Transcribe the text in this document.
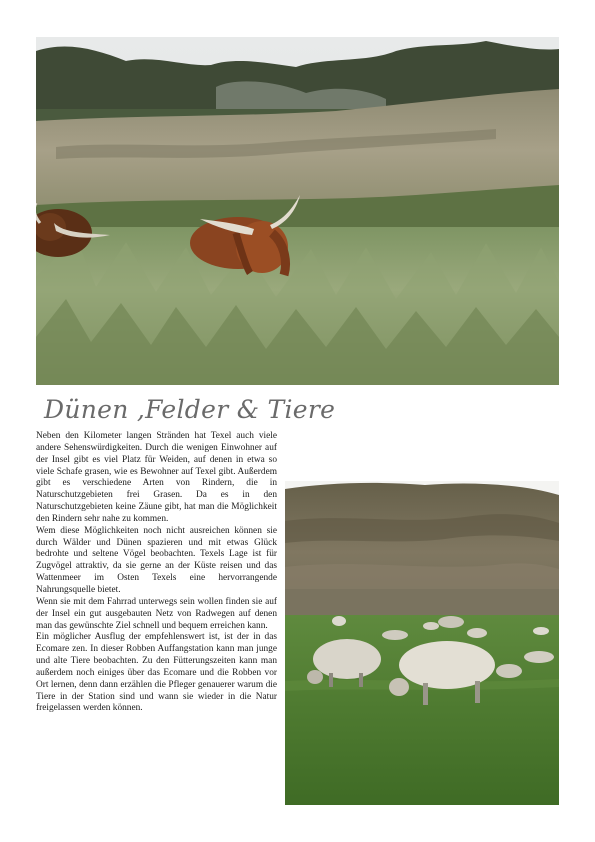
Dünen ,Felder & Tiere

Neben den Kilometer langen Stränden hat Texel auch viele andere Sehenswürdigkeiten. Durch die wenigen Einwohner auf der Insel gibt es viel Platz für Weiden, auf denen in etwa so viele Schafe grasen, wie es Bewohner auf Texel gibt. Außerdem gibt es verschiedene Arten von Rindern, die in Naturschutzgebieten frei Grasen. Da es in den Naturschutzgebieten keine Zäune gibt, hat man die Möglichkeit den Rindern sehr nahe zu kommen.

Wem diese Möglichkeiten noch nicht ausreichen können sie durch Wälder und Dünen spazieren und mit etwas Glück bedrohte und seltene Vögel beobachten. Texels Lage ist für Zugvögel attraktiv, da sie gerne an der Küste reisen und das Wattenmeer im Osten Texels eine hervorrangende Nahrungsquelle bietet.

Wenn sie mit dem Fahrrad unterwegs sein wollen finden sie auf der Insel ein gut ausgebauten Netz von Radwegen auf denen man das gewünschte Ziel schnell und bequem erreichen kann.

Ein möglicher Ausflug der empfehlenswert ist, ist der in das Ecomare zen. In dieser Robben Auffangstation kann man junge und alte Tiere beobachten. Zu den Fütterungszeiten kann man außerdem noch einiges über das Ecomare und die Robben vor Ort lernen, denn dann erzählen die Pfleger genauerer warum die Tiere in der Station sind und wann sie wieder in die Natur freigelassen werden können.
